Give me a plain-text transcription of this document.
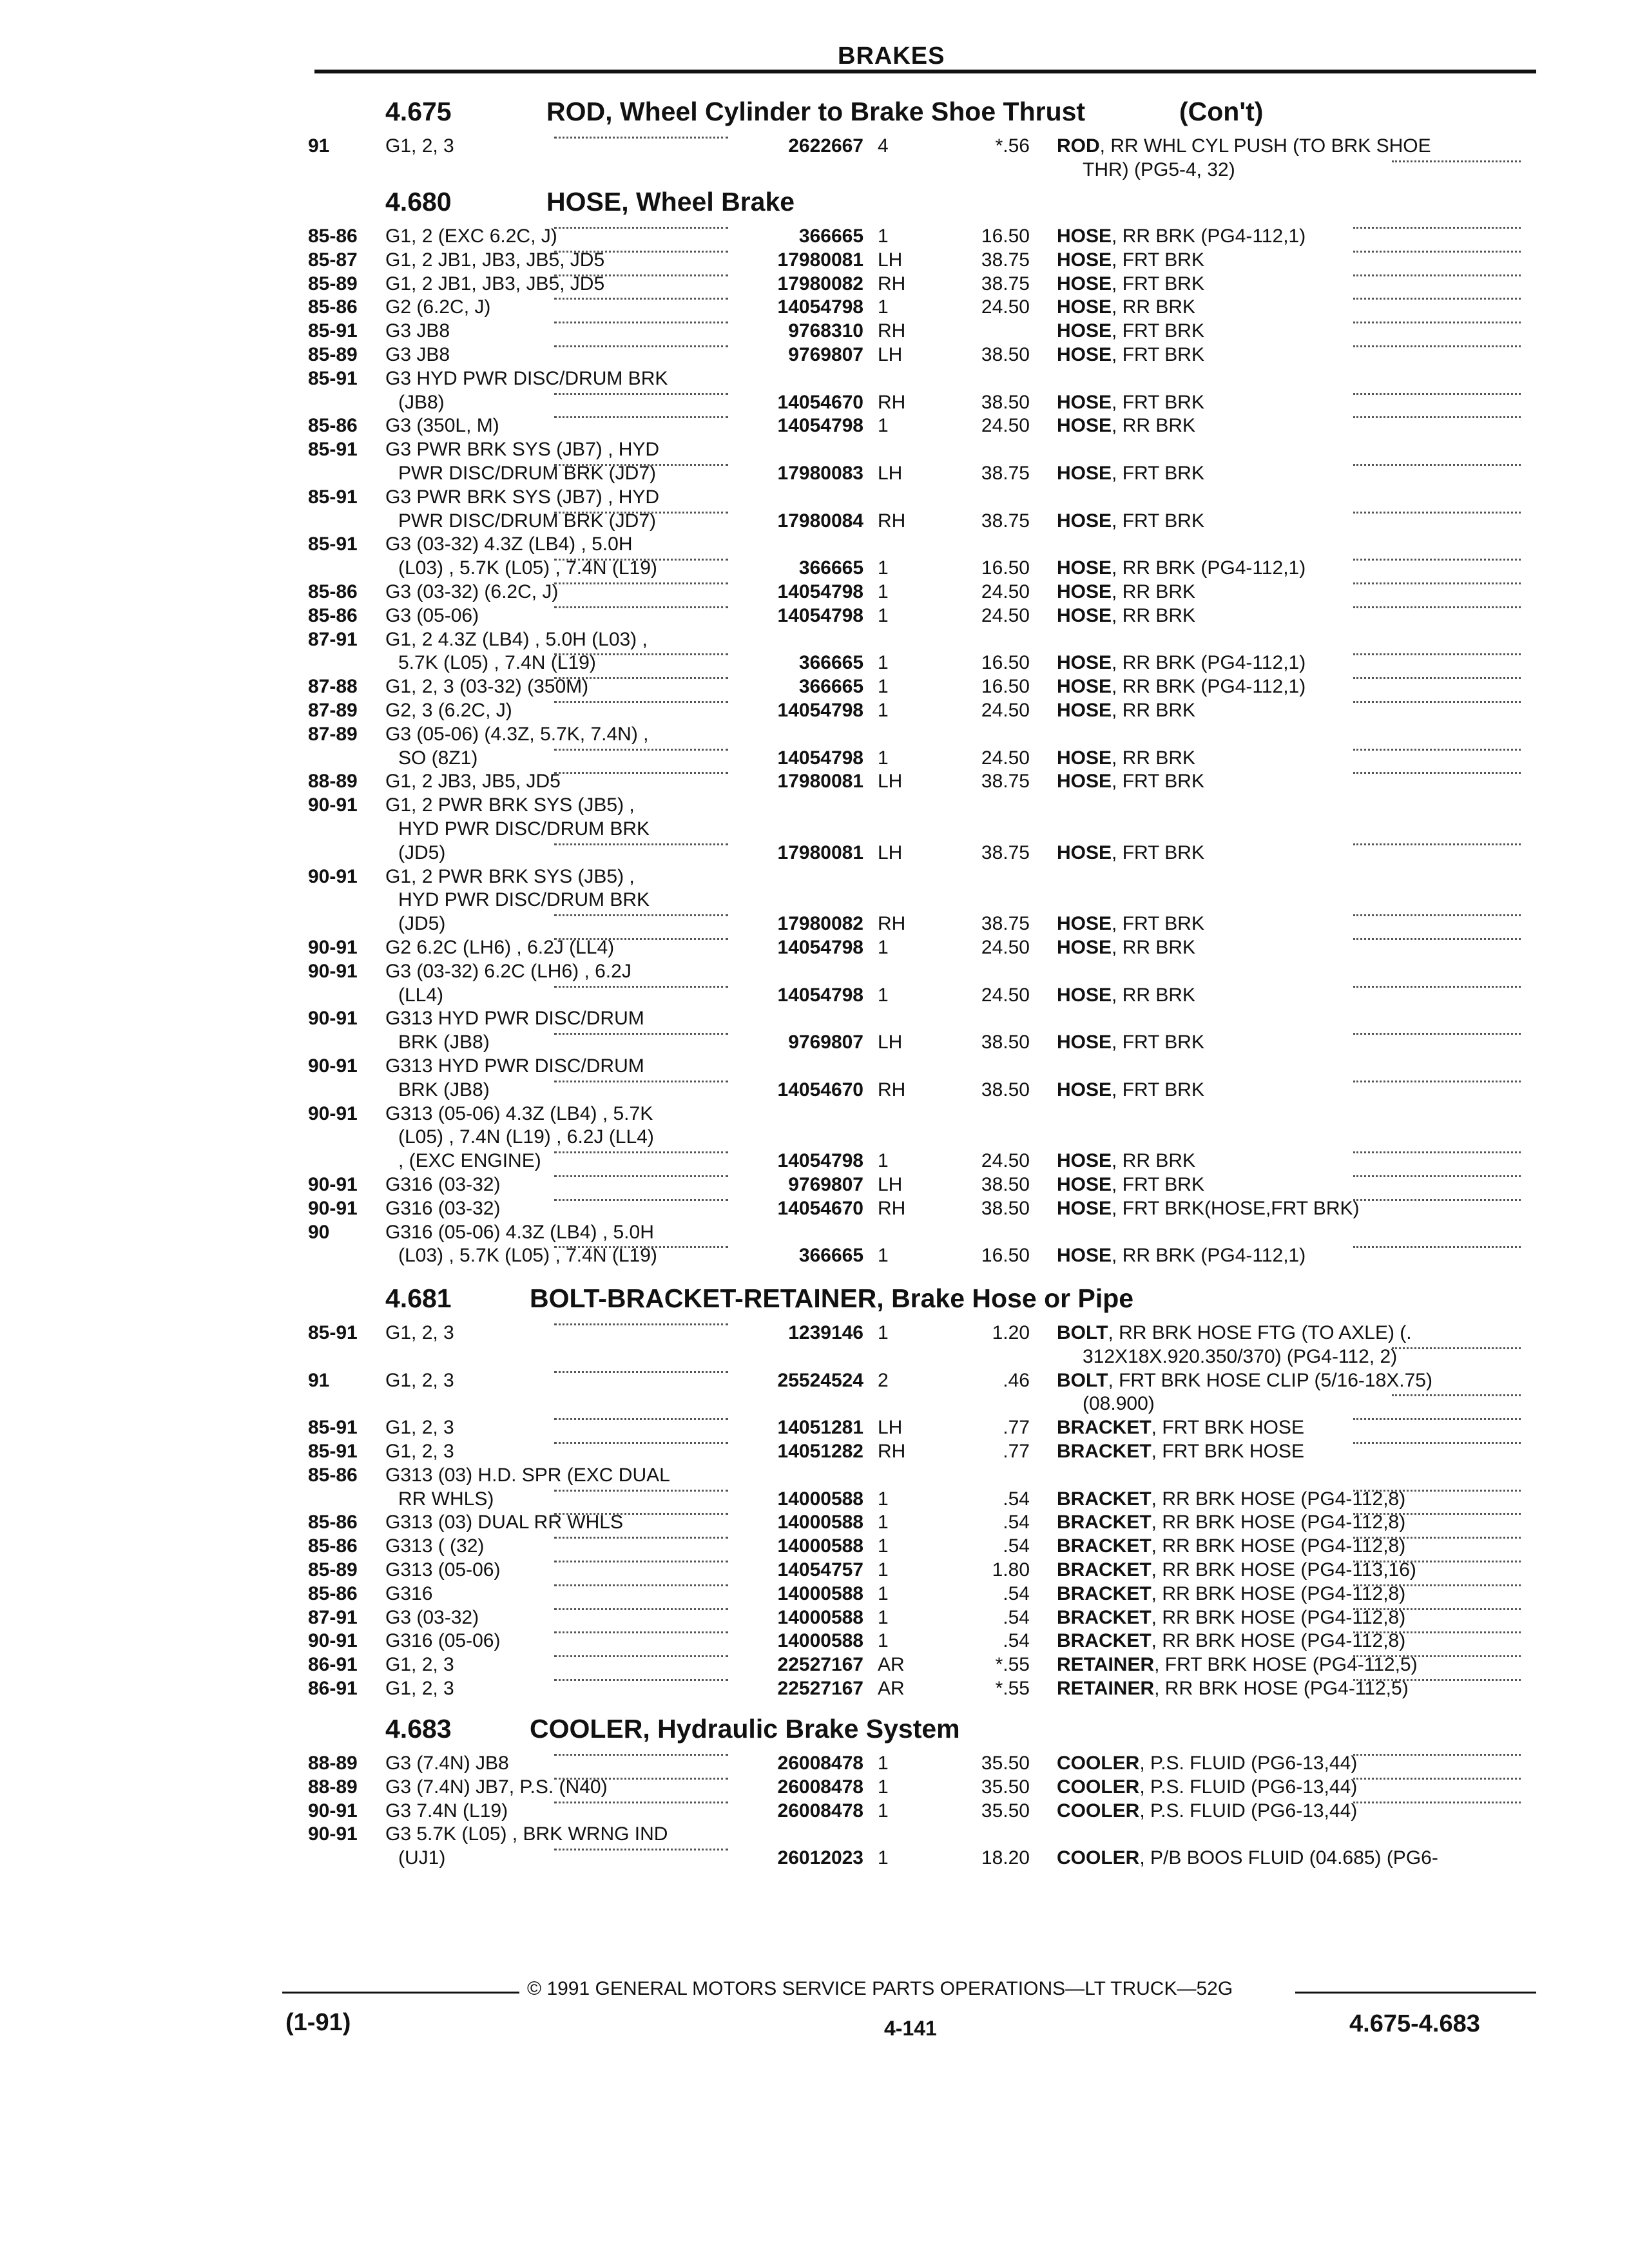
BRAKES
4.675	ROD, Wheel Cylinder to Brake Shoe Thrust	(Con't)
91	G1, 2, 3	2622667 4	*.56 ROD, RR WHL CYL PUSH (TO BRK SHOE
THR) (PG5-4, 32)
4.680	HOSE, Wheel Brake
85-86 G1, 2 (EXC 6.2C, J)	366665 1	16.50 HOSE, RR BRK (PG4-112,1)
85-87 G1, 2 JB1, JB3, JB5, JD5	17980081 LH	38.75 HOSE, FRT BRK
85-89 G1, 2 JB1, JB3, JB5, JD5	17980082 RH	38.75 HOSE, FRT BRK
85-86 G2 (6.2C, J)	14054798 1	24.50 HOSE, RR BRK
85-91 G3 JB8	9768310 RH	HOSE, FRT BRK
85-89 G3 JB8	9769807 LH	38.50 HOSE, FRT BRK
85-91 G3 HYD PWR DISC/DRUM BRK
(JB8)	14054670 RH	38.50 HOSE, FRT BRK
85-86 G3 (350L, M)	14054798 1	24.50 HOSE, RR BRK
85-91 G3 PWR BRK SYS (JB7) , HYD
PWR DISC/DRUM BRK (JD7)	17980083 LH	38.75 HOSE, FRT BRK
85-91 G3 PWR BRK SYS (JB7) , HYD
PWR DISC/DRUM BRK (JD7)	17980084 RH	38.75 HOSE, FRT BRK
85-91 G3 (03-32) 4.3Z (LB4) , 5.0H
(L03) , 5.7K (L05) , 7.4N (L19)	366665 1	16.50 HOSE, RR BRK (PG4-112,1)
85-86 G3 (03-32) (6.2C, J)	14054798 1	24.50 HOSE, RR BRK
85-86 G3 (05-06)	14054798 1	24.50 HOSE, RR BRK
87-91 G1, 2 4.3Z (LB4) , 5.0H (L03) ,
5.7K (L05) , 7.4N (L19)	366665 1	16.50 HOSE, RR BRK (PG4-112,1)
87-88 G1, 2, 3 (03-32) (350M)	366665 1	16.50 HOSE, RR BRK (PG4-112,1)
87-89 G2, 3 (6.2C, J)	14054798 1	24.50 HOSE, RR BRK
87-89 G3 (05-06) (4.3Z, 5.7K, 7.4N) ,
SO (8Z1)	14054798 1	24.50 HOSE, RR BRK
88-89 G1, 2 JB3, JB5, JD5	17980081 LH	38.75 HOSE, FRT BRK
90-91 G1, 2 PWR BRK SYS (JB5) ,
HYD PWR DISC/DRUM BRK
(JD5)	17980081 LH	38.75 HOSE, FRT BRK
90-91 G1, 2 PWR BRK SYS (JB5) ,
HYD PWR DISC/DRUM BRK
(JD5)	17980082 RH	38.75 HOSE, FRT BRK
90-91 G2 6.2C (LH6) , 6.2J (LL4)	14054798 1	24.50 HOSE, RR BRK
90-91 G3 (03-32) 6.2C (LH6) , 6.2J
(LL4)	14054798 1	24.50 HOSE, RR BRK
90-91 G313 HYD PWR DISC/DRUM
BRK (JB8)	9769807 LH	38.50 HOSE, FRT BRK
90-91 G313 HYD PWR DISC/DRUM
BRK (JB8)	14054670 RH	38.50 HOSE, FRT BRK
90-91 G313 (05-06) 4.3Z (LB4) , 5.7K
(L05) , 7.4N (L19) , 6.2J (LL4)
, (EXC ENGINE)	14054798 1	24.50 HOSE, RR BRK
90-91 G316 (03-32)	9769807 LH	38.50 HOSE, FRT BRK
90-91 G316 (03-32)	14054670 RH	38.50 HOSE, FRT BRK(HOSE,FRT BRK)
90	G316 (05-06) 4.3Z (LB4) , 5.0H
(L03) , 5.7K (L05) , 7.4N (L19)	366665 1	16.50 HOSE, RR BRK (PG4-112,1)
4.681	BOLT-BRACKET-RETAINER, Brake Hose or Pipe
85-91 G1, 2, 3	1239146 1	1.20 BOLT, RR BRK HOSE FTG (TO AXLE) (.
312X18X.920.350/370) (PG4-112, 2)
91	G1, 2, 3	25524524 2	.46 BOLT, FRT BRK HOSE CLIP (5/16-18X.75)
(08.900)
85-91 G1, 2, 3	14051281 LH	.77 BRACKET, FRT BRK HOSE
85-91 G1, 2, 3	14051282 RH	.77 BRACKET, FRT BRK HOSE
85-86 G313 (03) H.D. SPR (EXC DUAL
RR WHLS)	14000588 1	.54 BRACKET, RR BRK HOSE (PG4-112,8)
85-86 G313 (03) DUAL RR WHLS	14000588 1	.54 BRACKET, RR BRK HOSE (PG4-112,8)
85-86 G313 ( (32)	14000588 1	.54 BRACKET, RR BRK HOSE (PG4-112,8)
85-89 G313 (05-06)	14054757 1	1.80 BRACKET, RR BRK HOSE (PG4-113,16)
85-86 G316	14000588 1	.54 BRACKET, RR BRK HOSE (PG4-112,8)
87-91 G3 (03-32)	14000588 1	.54 BRACKET, RR BRK HOSE (PG4-112,8)
90-91 G316 (05-06)	14000588 1	.54 BRACKET, RR BRK HOSE (PG4-112,8)
86-91 G1, 2, 3	22527167 AR	*.55 RETAINER, FRT BRK HOSE (PG4-112,5)
86-91 G1, 2, 3	22527167 AR	*.55 RETAINER, RR BRK HOSE (PG4-112,5)
4.683	COOLER, Hydraulic Brake System
88-89 G3 (7.4N) JB8	26008478 1	35.50 COOLER, P.S. FLUID (PG6-13,44)
88-89 G3 (7.4N) JB7, P.S. (N40)	26008478 1	35.50 COOLER, P.S. FLUID (PG6-13,44)
90-91 G3 7.4N (L19)	26008478 1	35.50 COOLER, P.S. FLUID (PG6-13,44)
90-91 G3 5.7K (L05) , BRK WRNG IND
(UJ1)	26012023 1	18.20 COOLER, P/B BOOS FLUID (04.685) (PG6-
© 1991 GENERAL MOTORS SERVICE PARTS OPERATIONS—LT TRUCK—52G
(1-91)	4-141	4.675-4.683
